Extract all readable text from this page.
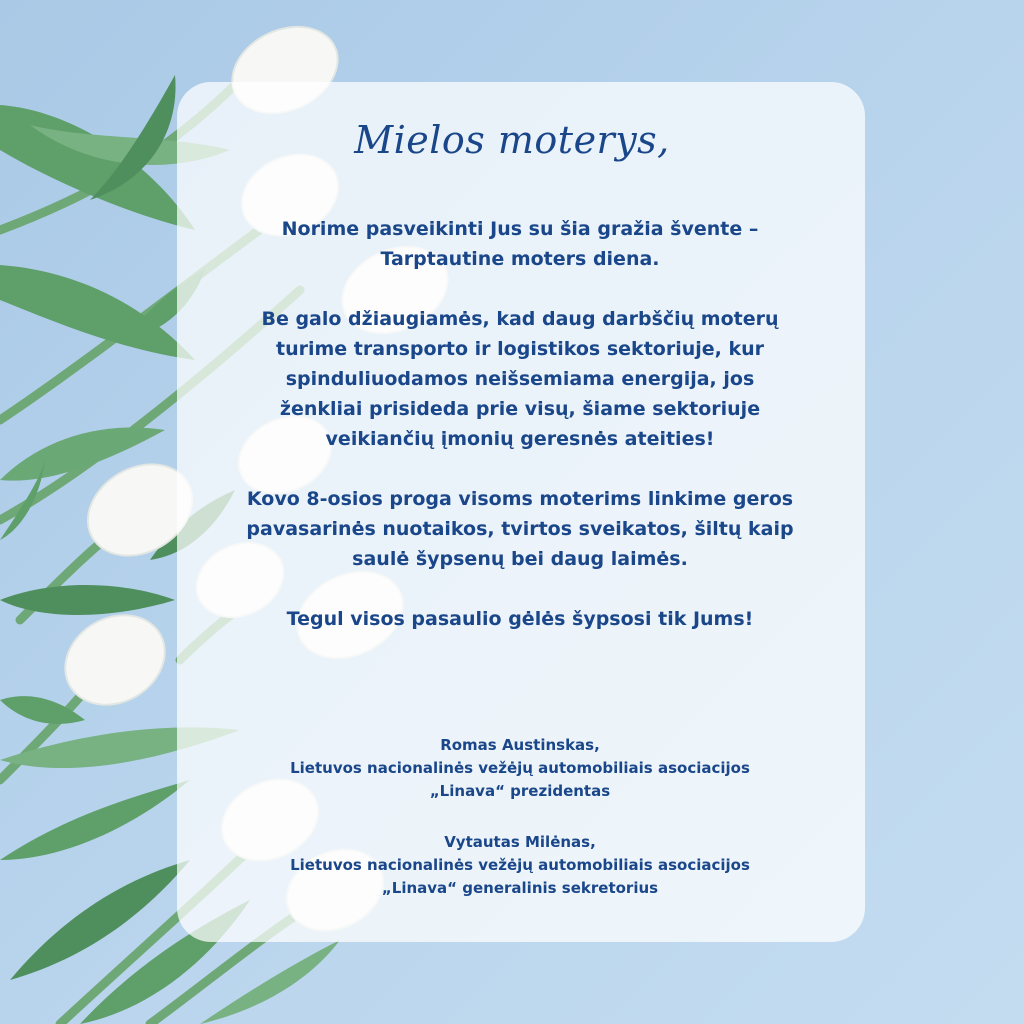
Mielos moterys,

Norime pasveikinti Jus su šia gražia švente –
Tarptautine moters diena.

Be galo džiaugiamės, kad daug darbščių moterų
turime transporto ir logistikos sektoriuje, kur
spinduliuodamos neišsemiama energija, jos
ženkliai prisideda prie visų, šiame sektoriuje
veikiančių įmonių geresnės ateities!

Kovo 8-osios proga visoms moterims linkime geros
pavasarinės nuotaikos, tvirtos sveikatos, šiltų kaip
saulė šypsenų bei daug laimės.

Tegul visos pasaulio gėlės šypsosi tik Jums!

Romas Austinskas,
Lietuvos nacionalinės vežėjų automobiliais asociacijos
„Linava“ prezidentas
Vytautas Milėnas,
Lietuvos nacionalinės vežėjų automobiliais asociacijos
„Linava“ generalinis sekretorius
